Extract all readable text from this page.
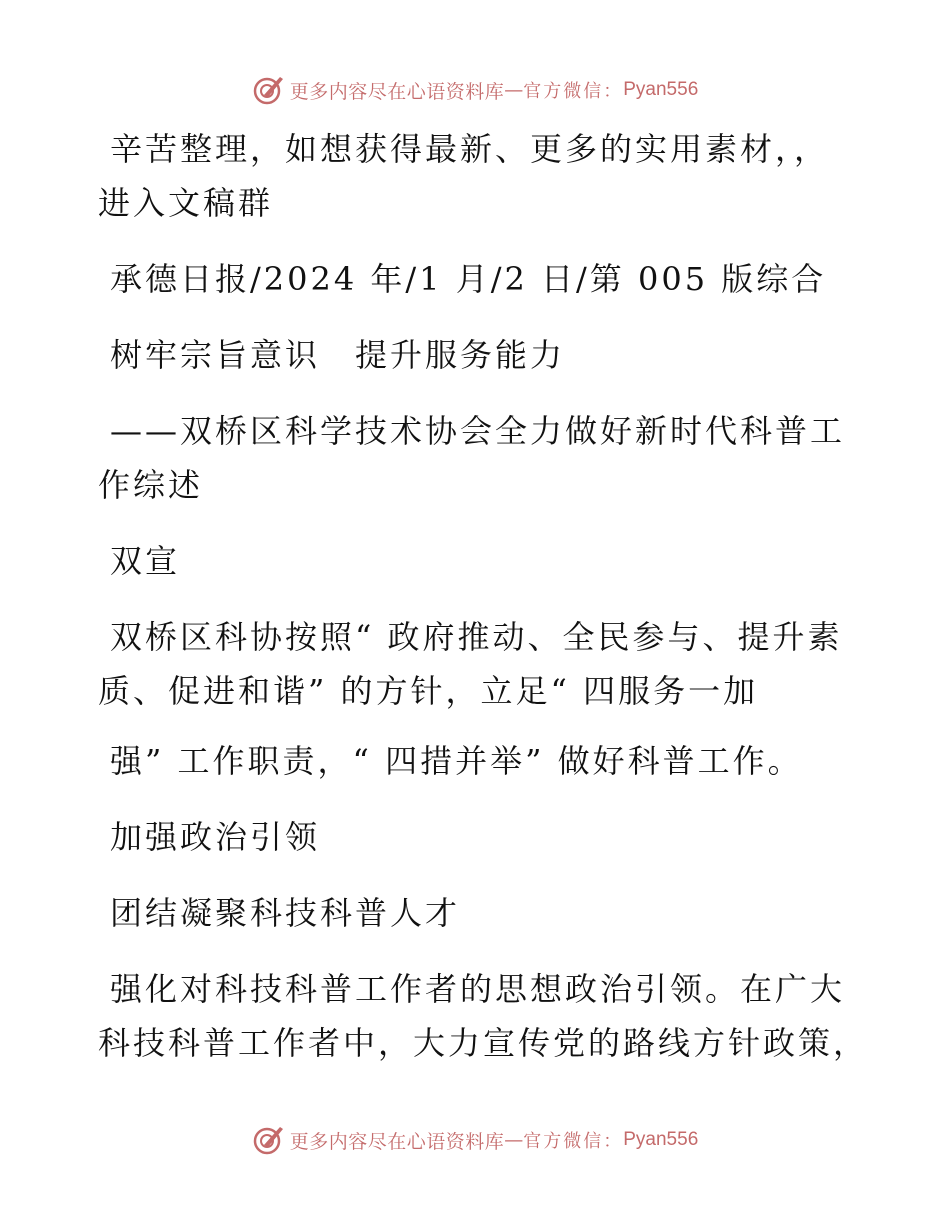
更多内容尽在心语资料库 — 官方微信： Pyan556

辛苦整理，如想获得最新、更多的实用素材，，
进入文稿群

承德日报/2024 年/1 月/2 日/第 005 版综合

树牢宗旨意识　提升服务能力

——双桥区科学技术协会全力做好新时代科普工
作综述

双宣

双桥区科协按照“ 政府推动、全民参与、提升素
质、促进和谐” 的方针，立足“ 四服务一加

强” 工作职责，“ 四措并举” 做好科普工作。

加强政治引领

团结凝聚科技科普人才

强化对科技科普工作者的思想政治引领。在广大
科技科普工作者中，大力宣传党的路线方针政策，

更多内容尽在心语资料库 — 官方微信： Pyan556
